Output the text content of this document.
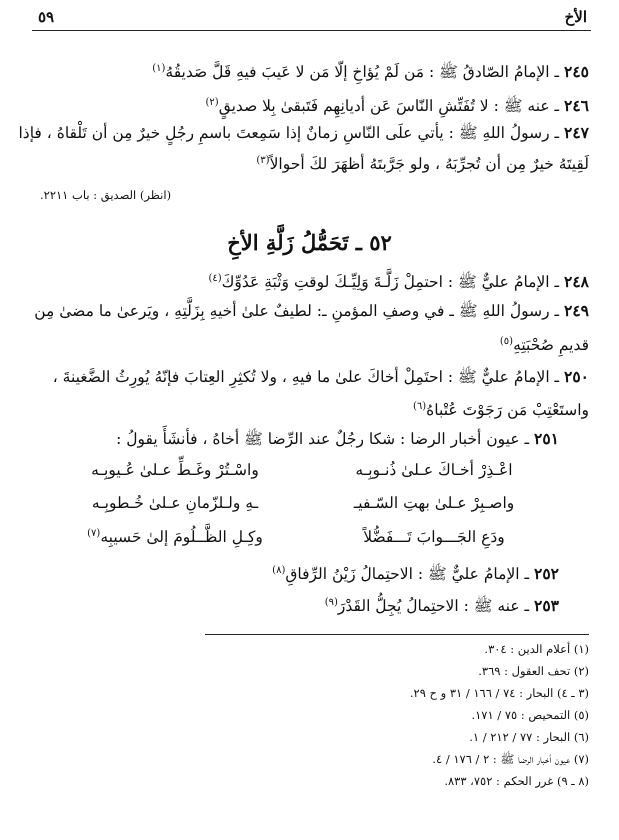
الأخ
٥٩
٢٤٥ ـ الإمامُ الصّادقُ ﷺ : مَن لَمْ يُؤاخِ إلّا مَن لا عَيبَ فيهِ قَلَّ صَديقُهُ$^{(١)}$
٢٤٦ ـ عنه ﷺ : لا تُفَتِّشِ النّاسَ عَن أديانِهِم فَتَبقىٰ بِلا صديقٍ$^{(٢)}$
٢٤٧ ـ رسولُ اللهِ ﷺ : يأتي علَى النّاسِ زمانٌ إذا سَمِعتَ باسمِ رجُلٍ خيرٌ مِن أن تَلْقاهُ ، فإذا
لَقِيتَهُ خيرٌ مِن أن تُجرِّبَهُ ، ولو جَرَّبتَهُ أظهَرَ لكَ أحوالاً$^{(٣)}$
(انظر) الصديق : باب ٢٢١١.
٥٢ ـ تَحَمُّلُ زَلَّةِ الأخِ
٢٤٨ ـ الإمامُ عليٌّ ﷺ : احتمِلْ زَلَّـةَ وَلِيِّـكَ لوقتِ وَثْبَةِ عَدُوِّكَ$^{(٤)}$
٢٤٩ ـ رسولُ اللهِ ﷺ ـ في وصفِ المؤمنِ ـ: لطيفٌ علىٰ أخيهِ بِزَلَّتِهِ ، ويَرعىٰ ما مضىٰ مِن
قديمِ صُحْبَتِهِ$^{(٥)}$
٢٥٠ ـ الإمامُ عليٌّ ﷺ : احتَمِلْ أخاكَ علىٰ ما فيهِ ، ولا تُكثِرِ العِتابَ فإنّهُ يُورِثُ الضَّغينةَ ،
واستَعْتِبْ مَن رَجَوْتَ عُتْباهُ$^{(٦)}$
٢٥١ ـ عيون أخبار الرضا : شكا رجُلٌ عند الرِّضا ﷺ أخاهُ ، فأنشَأَ يقولُ :
اعْـذِرْ أخـاكَ عـلىٰ ذُنـوبِـه
واسْـتُرْ وغَـطِّ عـلىٰ عُـيوبِـه
واصـبِرْ عـلىٰ بهتِ السّـفيـ
ـهِ ولـلزّمانِ عـلىٰ خُـطوبِـه
ودَعِ الجَـــوابَ تَـــفَضُّلاً
وكِـلِ الظَّــلُومَ إلىٰ حَسيبِه$^{(٧)}$
٢٥٢ ـ الإمامُ عليٌّ ﷺ : الاحتِمالُ زَيْنُ الرِّفاقِ$^{(٨)}$
٢٥٣ ـ عنه ﷺ : الاحتِمالُ يُجِلُّ القَدْرَ$^{(٩)}$
(١) أعلام الدين : ٣٠٤.
(٢) تحف العقول : ٣٦٩.
(٣ ـ ٤) البحار : ٧٤ / ١٦٦ / ٣١ و ح ٢٩.
(٥) التمحيص : ٧٥ / ١٧١.
(٦) البحار : ٧٧ / ٢١٢ / ١.
(٧) عيون أخبار الرضا ﷺ : ٢ / ١٧٦ / ٤.
(٨ ـ ٩) غرر الحكم : ٧٥٢، ٨٣٣.
